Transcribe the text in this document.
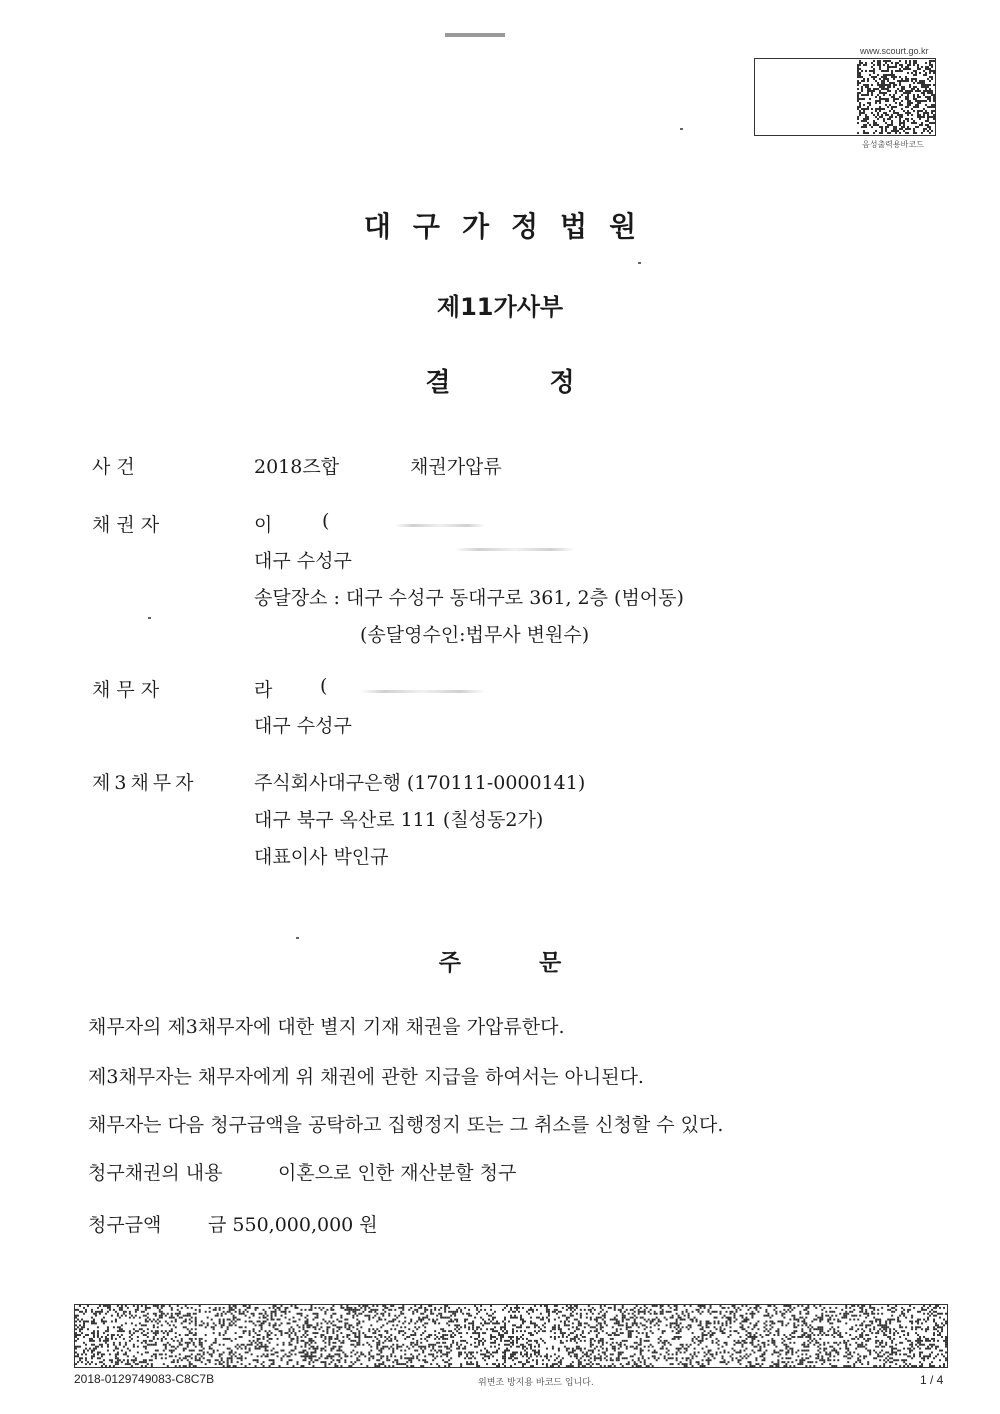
www.scourt.go.kr
음성출력용바코드
대구가정법원
제11가사부
결 정
사 건	2018즈합	채권가압류
채 권 자	이	(
대구 수성구
송달장소 : 대구 수성구 동대구로 361, 2층 (범어동)
(송달영수인:법무사 변원수)
채 무 자	라	(
대구 수성구
제3채무자	주식회사대구은행 (170111-0000141)
대구 북구 옥산로 111 (칠성동2가)
대표이사 박인규
주 문
채무자의 제3채무자에 대한 별지 기재 채권을 가압류한다.
제3채무자는 채무자에게 위 채권에 관한 지급을 하여서는 아니된다.
채무자는 다음 청구금액을 공탁하고 집행정지 또는 그 취소를 신청할 수 있다.
청구채권의 내용	이혼으로 인한 재산분할 청구
청구금액 금 550,000,000 원
2018-0129749083-C8C7B	위변조 방지용 바코드 입니다.	1 / 4
